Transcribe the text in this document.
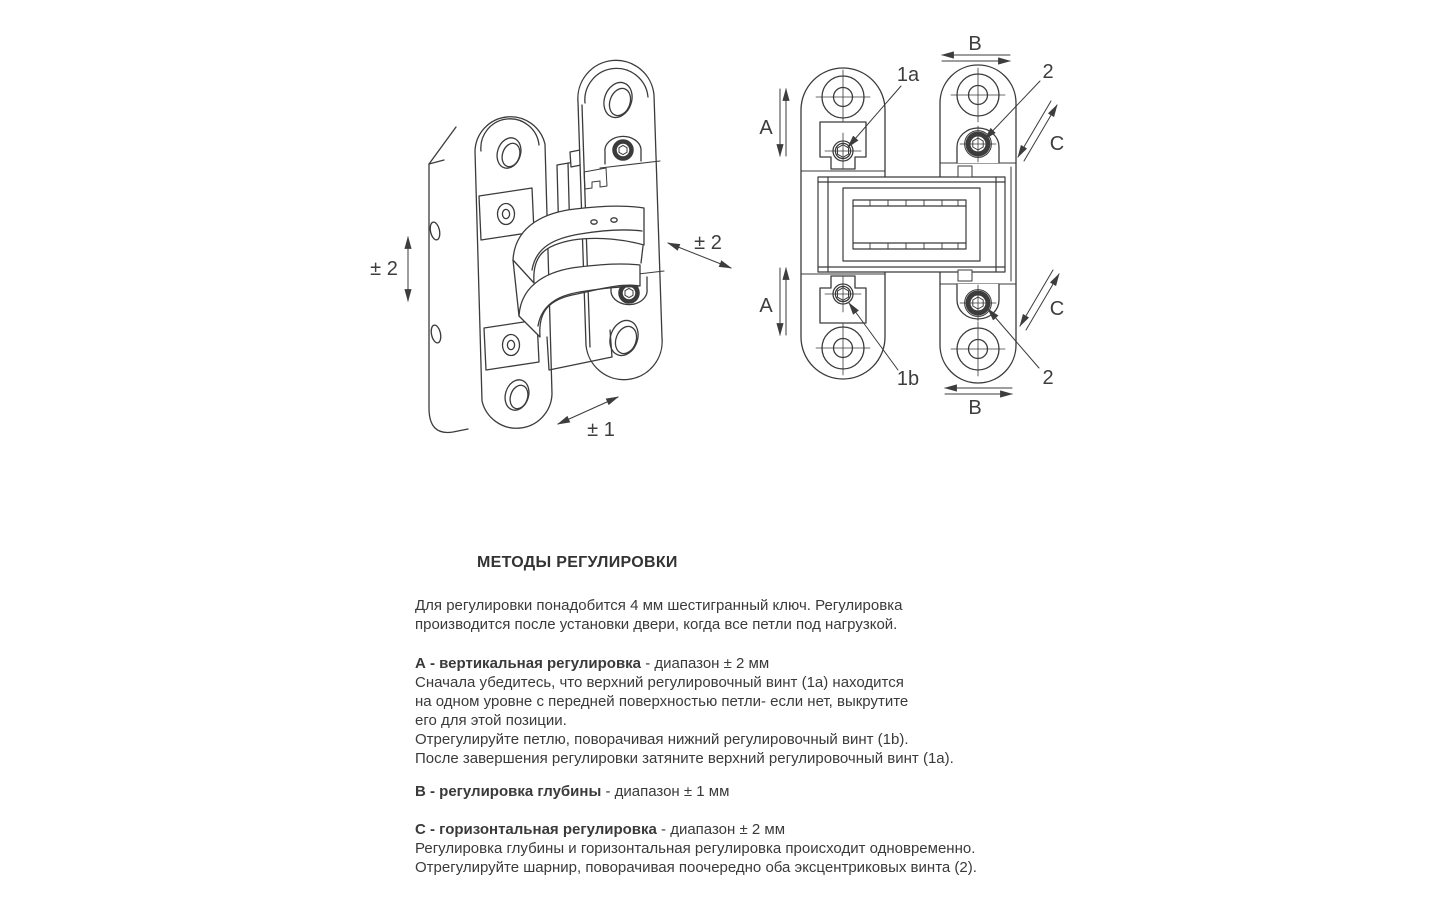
± 2
± 2
± 1
B
B
A
A
C
C
1a
1b
2
2
МЕТОДЫ РЕГУЛИРОВКИ

Для регулировки понадобится 4 мм шестигранный ключ. Регулировка
производится после установки двери, когда все петли под нагрузкой.

А - вертикальная регулировка - диапазон ± 2 мм
Сначала убедитесь, что верхний регулировочный винт (1a) находится
на одном уровне с передней поверхностью петли- если нет, выкрутите
его для этой позиции.
Отрегулируйте петлю, поворачивая нижний регулировочный винт (1b).
После завершения регулировки затяните верхний регулировочный винт (1a).

В - регулировка глубины - диапазон ± 1 мм

С - горизонтальная регулировка - диапазон ± 2 мм
Регулировка глубины и горизонтальная регулировка происходит одновременно.
Отрегулируйте шарнир, поворачивая поочередно оба эксцентриковых винта (2).
